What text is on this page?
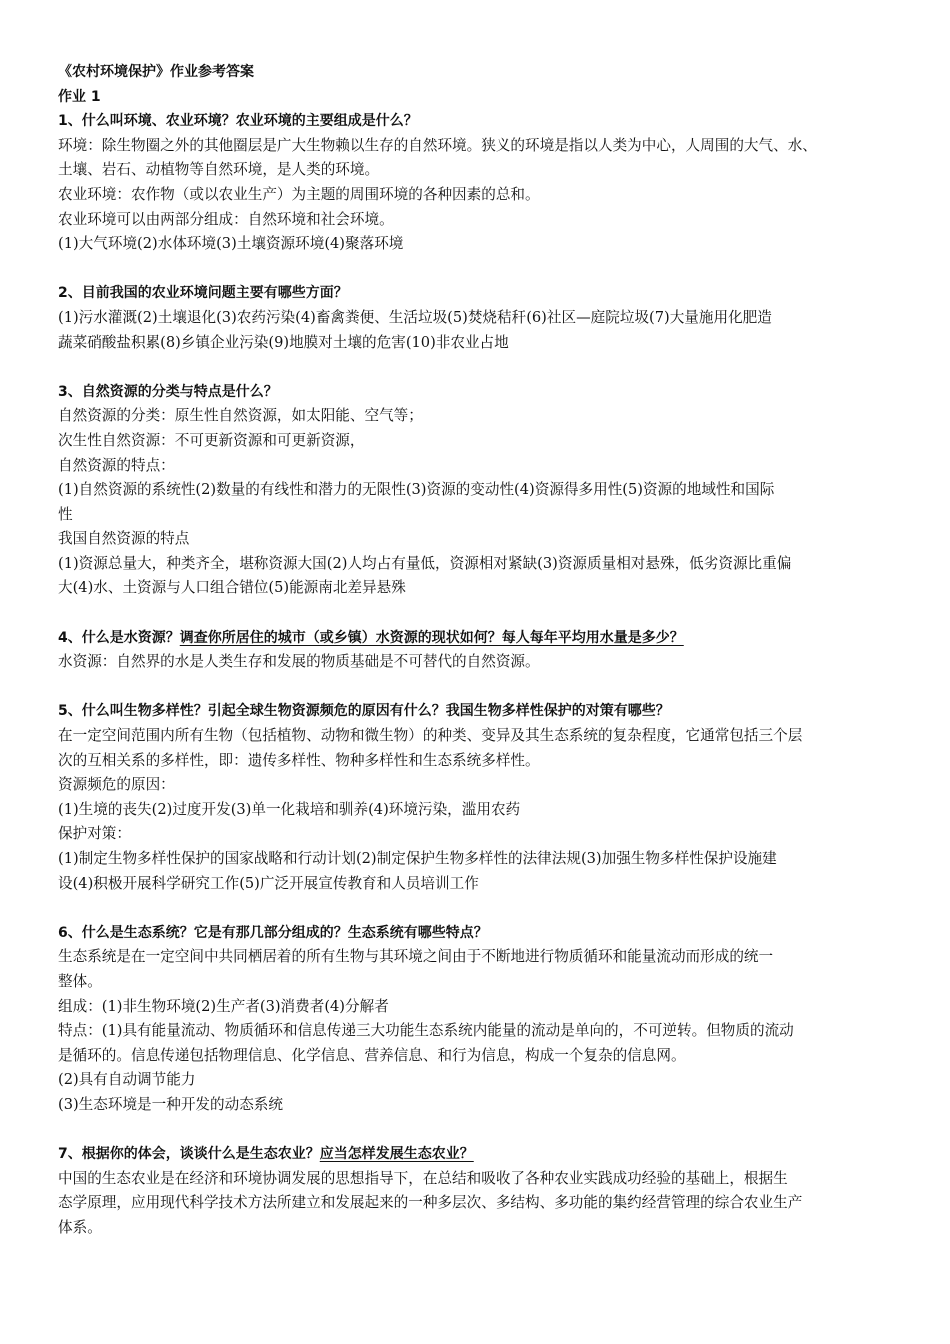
《农村环境保护》作业参考答案
作业 1
1、什么叫环境、农业环境？农业环境的主要组成是什么？
环境：除生物圈之外的其他圈层是广大生物赖以生存的自然环境。狭义的环境是指以人类为中心，人周围的大气、水、
土壤、岩石、动植物等自然环境，是人类的环境。
农业环境：农作物（或以农业生产）为主题的周围环境的各种因素的总和。
农业环境可以由两部分组成：自然环境和社会环境。
(1)大气环境(2)水体环境(3)土壤资源环境(4)聚落环境
2、目前我国的农业环境问题主要有哪些方面？
(1)污水灌溉(2)土壤退化(3)农药污染(4)畜禽粪便、生活垃圾(5)焚烧秸秆(6)社区—庭院垃圾(7)大量施用化肥造
蔬菜硝酸盐积累(8)乡镇企业污染(9)地膜对土壤的危害(10)非农业占地
3、自然资源的分类与特点是什么？
自然资源的分类：原生性自然资源，如太阳能、空气等；
次生性自然资源：不可更新资源和可更新资源，
自然资源的特点：
(1)自然资源的系统性(2)数量的有线性和潜力的无限性(3)资源的变动性(4)资源得多用性(5)资源的地域性和国际
性
我国自然资源的特点
(1)资源总量大，种类齐全，堪称资源大国(2)人均占有量低，资源相对紧缺(3)资源质量相对悬殊，低劣资源比重偏
大(4)水、土资源与人口组合错位(5)能源南北差异悬殊
4、什么是水资源？调查你所居住的城市（或乡镇）水资源的现状如何？每人每年平均用水量是多少？
水资源：自然界的水是人类生存和发展的物质基础是不可替代的自然资源。
5、什么叫生物多样性？引起全球生物资源频危的原因有什么？我国生物多样性保护的对策有哪些？
在一定空间范围内所有生物（包括植物、动物和微生物）的种类、变异及其生态系统的复杂程度，它通常包括三个层
次的互相关系的多样性，即：遗传多样性、物种多样性和生态系统多样性。
资源频危的原因：
(1)生境的丧失(2)过度开发(3)单一化栽培和驯养(4)环境污染，滥用农药
保护对策：
(1)制定生物多样性保护的国家战略和行动计划(2)制定保护生物多样性的法律法规(3)加强生物多样性保护设施建
设(4)积极开展科学研究工作(5)广泛开展宣传教育和人员培训工作
6、什么是生态系统？它是有那几部分组成的？生态系统有哪些特点？
生态系统是在一定空间中共同栖居着的所有生物与其环境之间由于不断地进行物质循环和能量流动而形成的统一
整体。
组成：(1)非生物环境(2)生产者(3)消费者(4)分解者
特点：(1)具有能量流动、物质循环和信息传递三大功能生态系统内能量的流动是单向的，不可逆转。但物质的流动
是循环的。信息传递包括物理信息、化学信息、营养信息、和行为信息，构成一个复杂的信息网。
(2)具有自动调节能力
(3)生态环境是一种开发的动态系统
7、根据你的体会，谈谈什么是生态农业？应当怎样发展生态农业？
中国的生态农业是在经济和环境协调发展的思想指导下，在总结和吸收了各种农业实践成功经验的基础上，根据生
态学原理，应用现代科学技术方法所建立和发展起来的一种多层次、多结构、多功能的集约经营管理的综合农业生产
体系。
